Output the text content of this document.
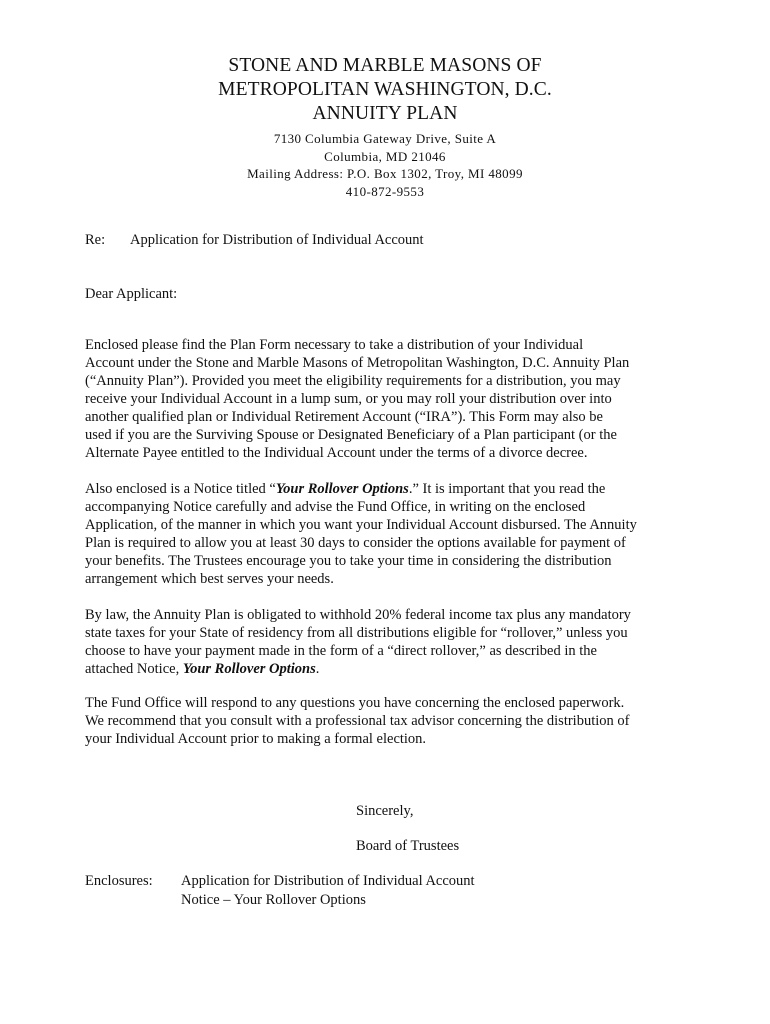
STONE AND MARBLE MASONS OF
METROPOLITAN WASHINGTON, D.C.
ANNUITY PLAN
7130 Columbia Gateway Drive, Suite A
Columbia, MD 21046
Mailing Address: P.O. Box 1302, Troy, MI 48099
410-872-9553
Re: Application for Distribution of Individual Account
Dear Applicant:
Enclosed please find the Plan Form necessary to take a distribution of your Individual
Account under the Stone and Marble Masons of Metropolitan Washington, D.C. Annuity Plan
(“Annuity Plan”). Provided you meet the eligibility requirements for a distribution, you may
receive your Individual Account in a lump sum, or you may roll your distribution over into
another qualified plan or Individual Retirement Account (“IRA”). This Form may also be
used if you are the Surviving Spouse or Designated Beneficiary of a Plan participant (or the
Alternate Payee entitled to the Individual Account under the terms of a divorce decree.
Also enclosed is a Notice titled “Your Rollover Options.” It is important that you read the
accompanying Notice carefully and advise the Fund Office, in writing on the enclosed
Application, of the manner in which you want your Individual Account disbursed. The Annuity
Plan is required to allow you at least 30 days to consider the options available for payment of
your benefits. The Trustees encourage you to take your time in considering the distribution
arrangement which best serves your needs.
By law, the Annuity Plan is obligated to withhold 20% federal income tax plus any mandatory
state taxes for your State of residency from all distributions eligible for “rollover,” unless you
choose to have your payment made in the form of a “direct rollover,” as described in the
attached Notice, Your Rollover Options.
The Fund Office will respond to any questions you have concerning the enclosed paperwork.
We recommend that you consult with a professional tax advisor concerning the distribution of
your Individual Account prior to making a formal election.
Sincerely,
Board of Trustees
Enclosures: Application for Distribution of Individual Account
Notice – Your Rollover Options
